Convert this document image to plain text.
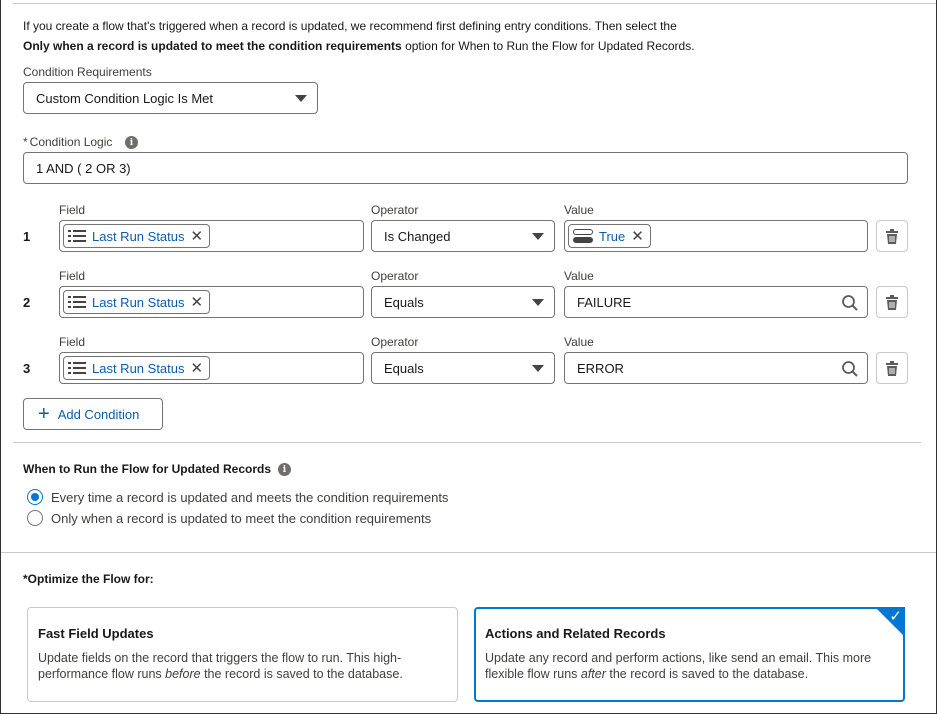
If you create a flow that's triggered when a record is updated, we recommend first defining entry conditions. Then select the

Only when a record is updated to meet the condition requirements option for When to Run the Flow for Updated Records.

Condition Requirements
Custom Condition Logic Is Met
* Condition Logic	i
1 AND ( 2 OR 3)
Field	Operator	Value
1	Last Run Status ✕	Is Changed	True ✕
Field	Operator	Value
2	Last Run Status ✕	Equals	FAILURE
Field	Operator	Value
3	Last Run Status ✕	Equals	ERROR
+ Add Condition
When to Run the Flow for Updated Records	i
Every time a record is updated and meets the condition requirements
Only when a record is updated to meet the condition requirements
*Optimize the Flow for:
Fast Field Updates
Update fields on the record that triggers the flow to run. This high-performance flow runs before the record is saved to the database.
✓
Actions and Related Records
Update any record and perform actions, like send an email. This more flexible flow runs after the record is saved to the database.
